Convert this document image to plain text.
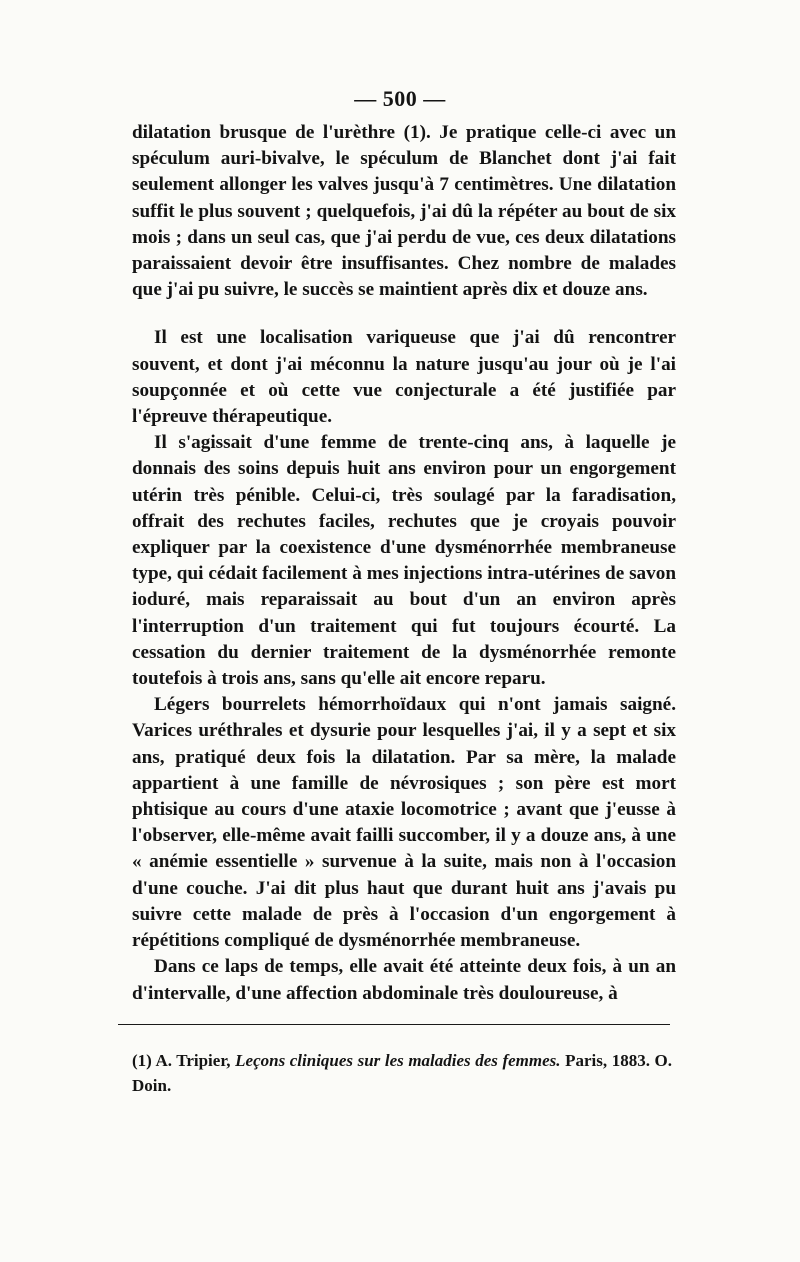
— 500 —

dilatation brusque de l'urèthre (1). Je pratique celle-ci avec un spéculum auri-bivalve, le spéculum de Blanchet dont j'ai fait seulement allonger les valves jusqu'à 7 centimètres. Une dilatation suffit le plus souvent ; quelquefois, j'ai dû la répéter au bout de six mois ; dans un seul cas, que j'ai perdu de vue, ces deux dilatations paraissaient devoir être insuffisantes. Chez nombre de malades que j'ai pu suivre, le succès se maintient après dix et douze ans.

Il est une localisation variqueuse que j'ai dû rencontrer souvent, et dont j'ai méconnu la nature jusqu'au jour où je l'ai soupçonnée et où cette vue conjecturale a été justifiée par l'épreuve thérapeutique.

Il s'agissait d'une femme de trente-cinq ans, à laquelle je donnais des soins depuis huit ans environ pour un engorgement utérin très pénible. Celui-ci, très soulagé par la faradisation, offrait des rechutes faciles, rechutes que je croyais pouvoir expliquer par la coexistence d'une dysménorrhée membraneuse type, qui cédait facilement à mes injections intra-utérines de savon ioduré, mais reparaissait au bout d'un an environ après l'interruption d'un traitement qui fut toujours écourté. La cessation du dernier traitement de la dysménorrhée remonte toutefois à trois ans, sans qu'elle ait encore reparu.

Légers bourrelets hémorrhoïdaux qui n'ont jamais saigné. Varices uréthrales et dysurie pour lesquelles j'ai, il y a sept et six ans, pratiqué deux fois la dilatation. Par sa mère, la malade appartient à une famille de névrosiques ; son père est mort phtisique au cours d'une ataxie locomotrice ; avant que j'eusse à l'observer, elle-même avait failli succomber, il y a douze ans, à une « anémie essentielle » survenue à la suite, mais non à l'occasion d'une couche. J'ai dit plus haut que durant huit ans j'avais pu suivre cette malade de près à l'occasion d'un engorgement à répétitions compliqué de dysménorrhée membraneuse.

Dans ce laps de temps, elle avait été atteinte deux fois, à un an d'intervalle, d'une affection abdominale très douloureuse, à

(1) A. Tripier, Leçons cliniques sur les maladies des femmes. Paris, 1883. O. Doin.
